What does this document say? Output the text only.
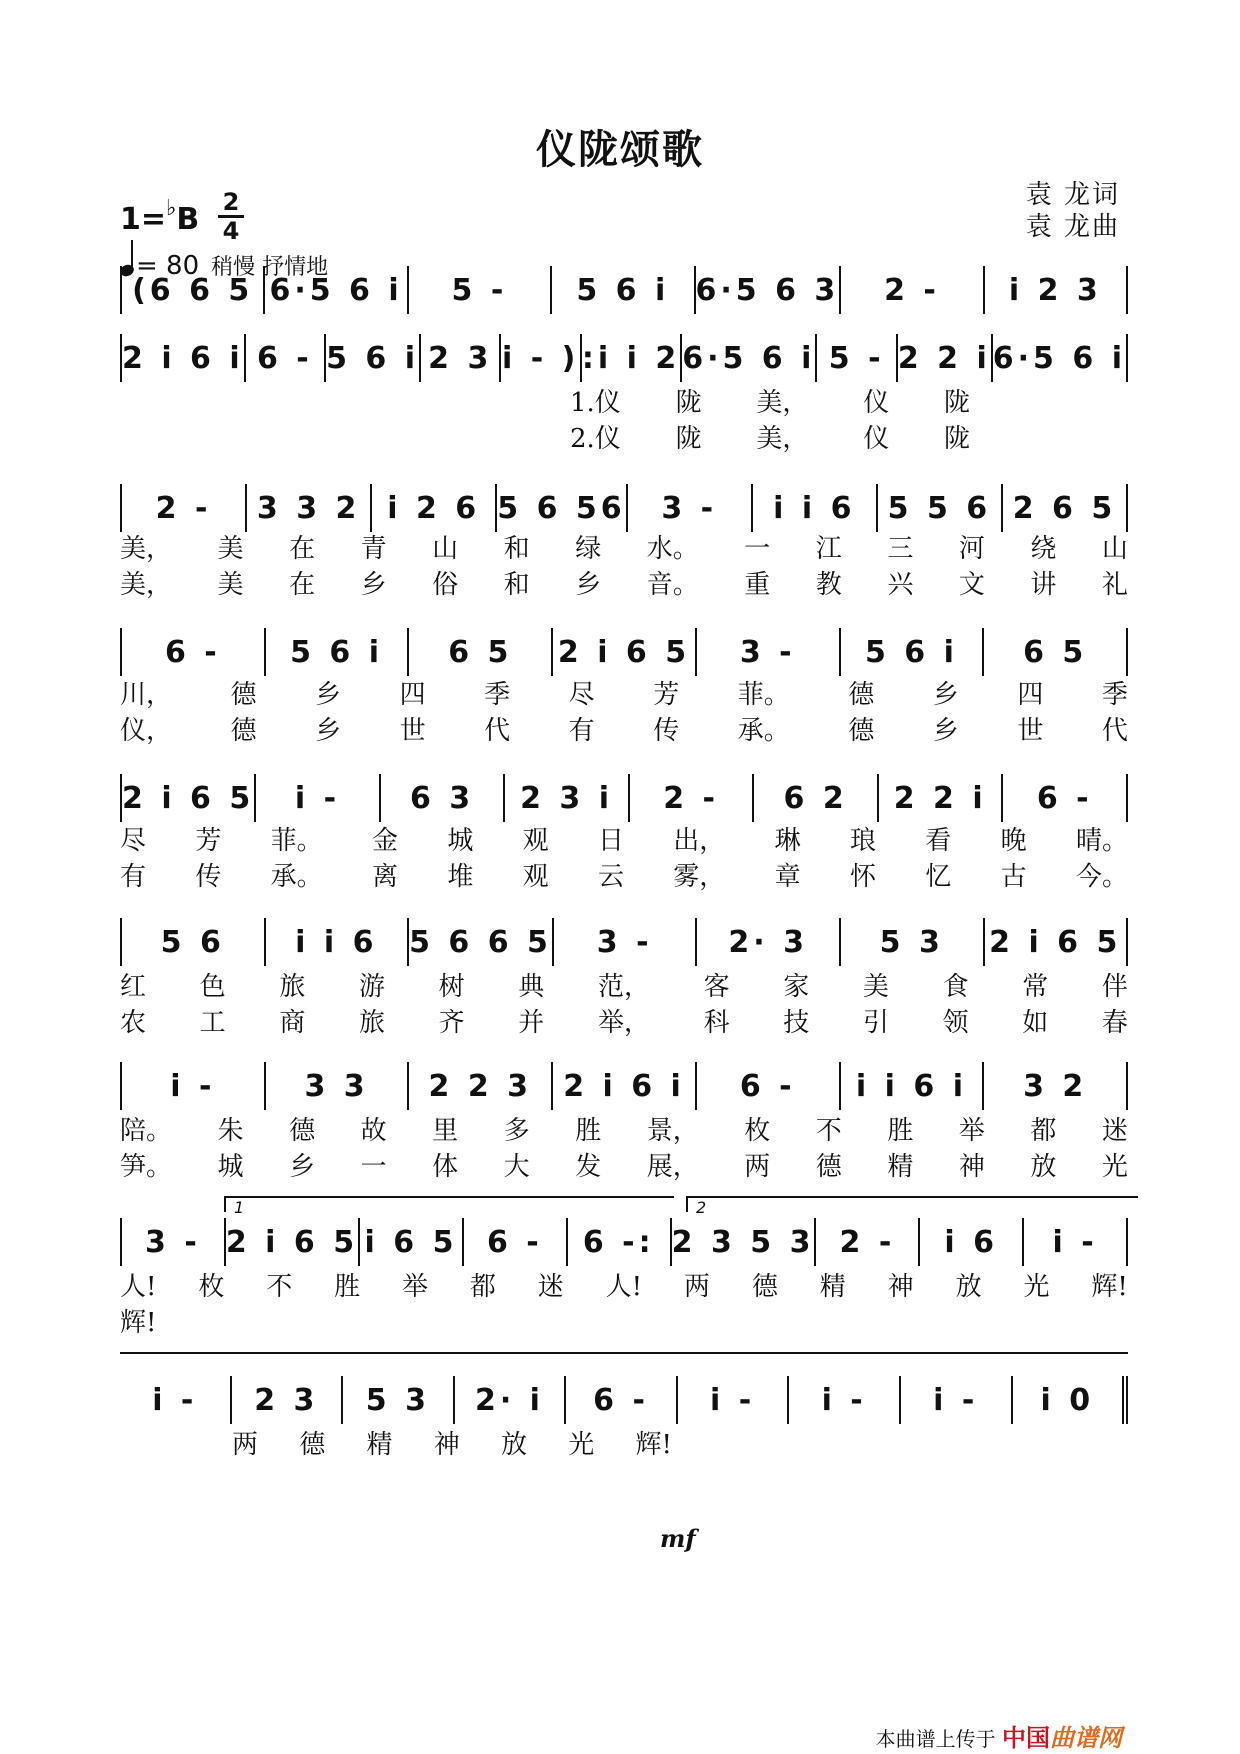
仪陇颂歌
1=♭B 2
4
= 80 稍慢 抒情地
袁 龙词
袁 龙曲
(6 6 5 6·5 6 i	5 -	5 6 i 6·5 6 3	2 -	i 2 3
2 i 6 i 6 - 5 6 i 2 3 i - ) :i i 2 6·5 6 i 5 - 2 2 i 6·5 6 i
1.仪 陇 美， 仪 陇
2.仪 陇 美， 仪 陇
2 -	3 3 2 i 2 6 5 6 56	3 -	i i 6	5 5 6 2 6 5
美， 美 在 青 山 和 绿 水。 一 江 三 河 绕 山
美， 美 在 乡 俗 和 乡 音。 重 教 兴 文 讲 礼
6 -	5 6 i	6 5	2 i 6 5	3 -	5 6 i	6 5
川， 德 乡 四 季 尽 芳 菲。 德 乡 四 季
仪， 德 乡 世 代 有 传 承。 德 乡 世 代
2 i 6 5	i -	6 3	2 3 i	2 -	6 2	2 2 i	6 -
尽 芳 菲。 金 城 观 日 出， 琳 琅 看 晚 晴。
有 传 承。 离 堆 观 云 雾， 章 怀 忆 古 今。
5 6	i i 6	5 6 6 5	3 -	2· 3	5 3	2 i 6 5
红 色 旅 游 树 典 范， 客 家 美 食 常 伴
农 工 商 旅 齐 并 举， 科 技 引 领 如 春
i -	3 3	2 2 3	2 i 6 i	6 -	i i 6 i	3 2
陪。 朱 德 故 里 多 胜 景， 枚 不 胜 举 都 迷
笋。 城 乡 一 体 大 发 展， 两 德 精 神 放 光
1	2
3 - 2 i 6 5 i 6 5 6 -	6 -: 2 3 5 3 2 -	i 6	i -
人! 枚 不 胜 举 都 迷 人! 两 德 精 神 放 光 辉!
辉!
mf
i -	2 3	5 3	2· i	6 -	i -	i -	i -	i 0
两 德 精 神 放 光 辉!
本曲谱上传于 中国曲谱网
